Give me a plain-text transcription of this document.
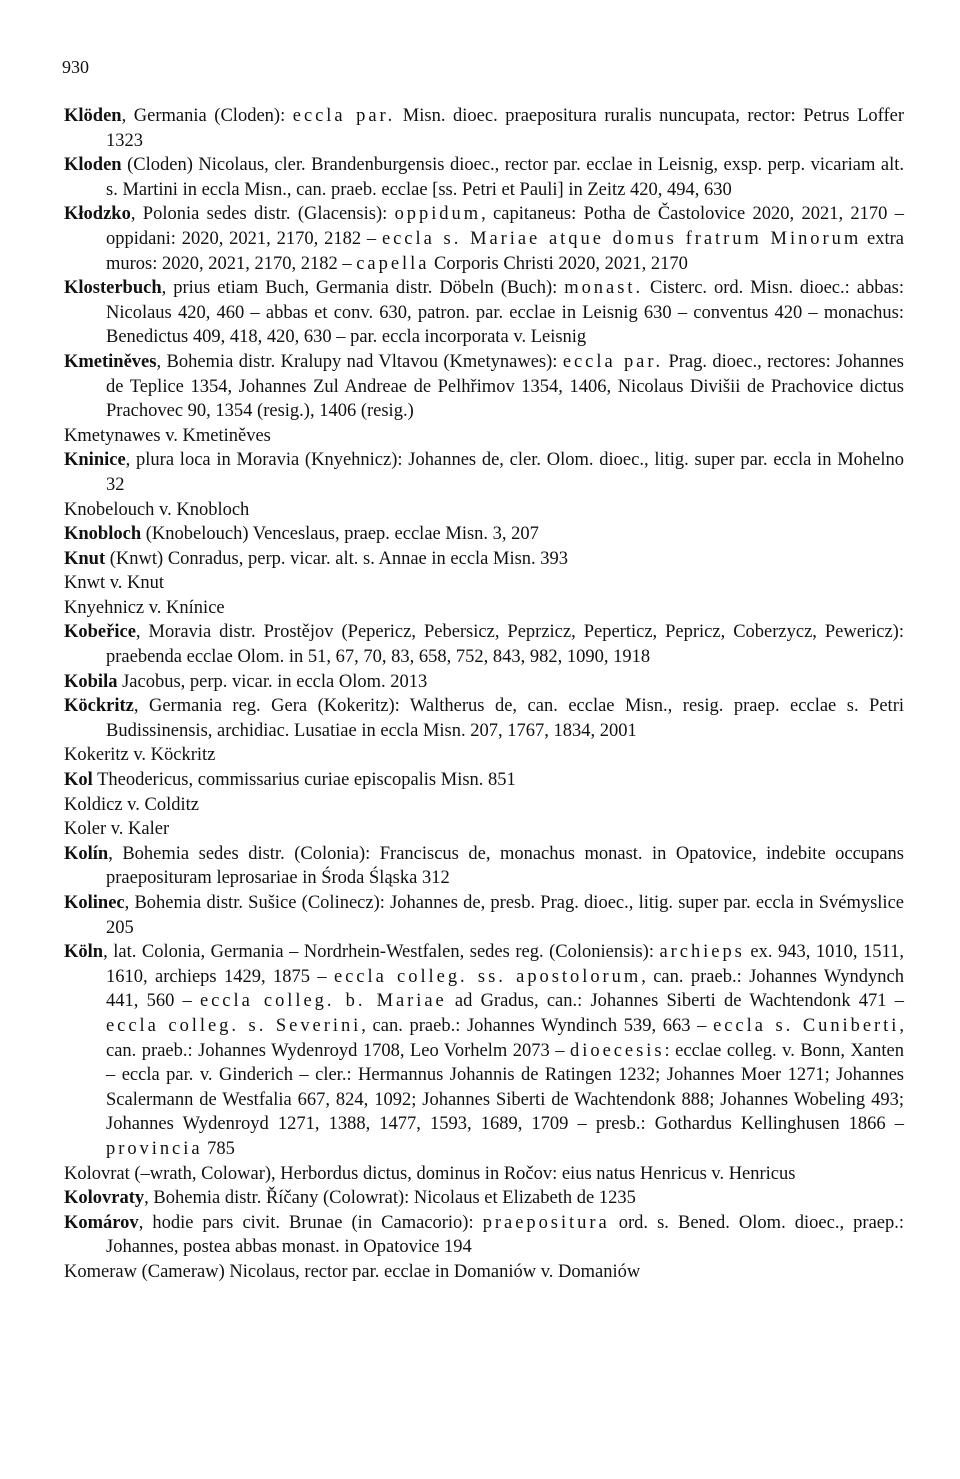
930
Klöden, Germania (Cloden): eccla par. Misn. dioec. praepositura ruralis nuncupata, rector: Petrus Loffer 1323
Kloden (Cloden) Nicolaus, cler. Brandenburgensis dioec., rector par. ecclae in Leisnig, exsp. perp. vicariam alt. s. Martini in eccla Misn., can. praeb. ecclae [ss. Petri et Pauli] in Zeitz 420, 494, 630
Kłodzko, Polonia sedes distr. (Glacensis): oppidum, capitaneus: Potha de Častolovice 2020, 2021, 2170 – oppidani: 2020, 2021, 2170, 2182 – eccla s. Mariae atque domus fratrum Minorum extra muros: 2020, 2021, 2170, 2182 – capella Corporis Christi 2020, 2021, 2170
Klosterbuch, prius etiam Buch, Germania distr. Döbeln (Buch): monast. Cisterc. ord. Misn. dioec.: abbas: Nicolaus 420, 460 – abbas et conv. 630, patron. par. ecclae in Leisnig 630 – conventus 420 – monachus: Benedictus 409, 418, 420, 630 – par. eccla incorporata v. Leisnig
Kmetiněves, Bohemia distr. Kralupy nad Vltavou (Kmetynawes): eccla par. Prag. dioec., rectores: Johannes de Teplice 1354, Johannes Zul Andreae de Pelhřimov 1354, 1406, Nicolaus Divišii de Prachovice dictus Prachovec 90, 1354 (resig.), 1406 (resig.)
Kmetynawes v. Kmetiněves
Kninice, plura loca in Moravia (Knyehnicz): Johannes de, cler. Olom. dioec., litig. super par. eccla in Mohelno 32
Knobelouch v. Knobloch
Knobloch (Knobelouch) Venceslaus, praep. ecclae Misn. 3, 207
Knut (Knwt) Conradus, perp. vicar. alt. s. Annae in eccla Misn. 393
Knwt v. Knut
Knyehnicz v. Knínice
Kobeřice, Moravia distr. Prostějov (Pepericz, Pebersicz, Peprzicz, Peperticz, Pepricz, Coberzycz, Pewericz): praebenda ecclae Olom. in 51, 67, 70, 83, 658, 752, 843, 982, 1090, 1918
Kobila Jacobus, perp. vicar. in eccla Olom. 2013
Köckritz, Germania reg. Gera (Kokeritz): Waltherus de, can. ecclae Misn., resig. praep. ecclae s. Petri Budissinensis, archidiac. Lusatiae in eccla Misn. 207, 1767, 1834, 2001
Kokeritz v. Köckritz
Kol Theodericus, commissarius curiae episcopalis Misn. 851
Koldicz v. Colditz
Koler v. Kaler
Kolín, Bohemia sedes distr. (Colonia): Franciscus de, monachus monast. in Opatovice, indebite occupans praeposituram leprosariae in Środa Śląska 312
Kolinec, Bohemia distr. Sušice (Colinecz): Johannes de, presb. Prag. dioec., litig. super par. eccla in Svémyslice 205
Köln, lat. Colonia, Germania – Nordrhein-Westfalen, sedes reg. (Coloniensis): archieps ex. 943, 1010, 1511, 1610, archieps 1429, 1875 – eccla colleg. ss. apostolorum, can. praeb.: Johannes Wyndynch 441, 560 – eccla colleg. b. Mariae ad Gradus, can.: Johannes Siberti de Wachtendonk 471 – eccla colleg. s. Severini, can. praeb.: Johannes Wyndinch 539, 663 – eccla s. Cuniberti, can. praeb.: Johannes Wydenroyd 1708, Leo Vorhelm 2073 – dioecesis: ecclae colleg. v. Bonn, Xanten – eccla par. v. Ginderich – cler.: Hermannus Johannis de Ratingen 1232; Johannes Moer 1271; Johannes Scalermann de Westfalia 667, 824, 1092; Johannes Siberti de Wachtendonk 888; Johannes Wobeling 493; Johannes Wydenroyd 1271, 1388, 1477, 1593, 1689, 1709 – presb.: Gothardus Kellinghusen 1866 – provincia 785
Kolovrat (–wrath, Colowar), Herbordus dictus, dominus in Ročov: eius natus Henricus v. Henricus
Kolovraty, Bohemia distr. Říčany (Colowrat): Nicolaus et Elizabeth de 1235
Komárov, hodie pars civit. Brunae (in Camacorio): praepositura ord. s. Bened. Olom. dioec., praep.: Johannes, postea abbas monast. in Opatovice 194
Komeraw (Cameraw) Nicolaus, rector par. ecclae in Domaniów v. Domaniów
